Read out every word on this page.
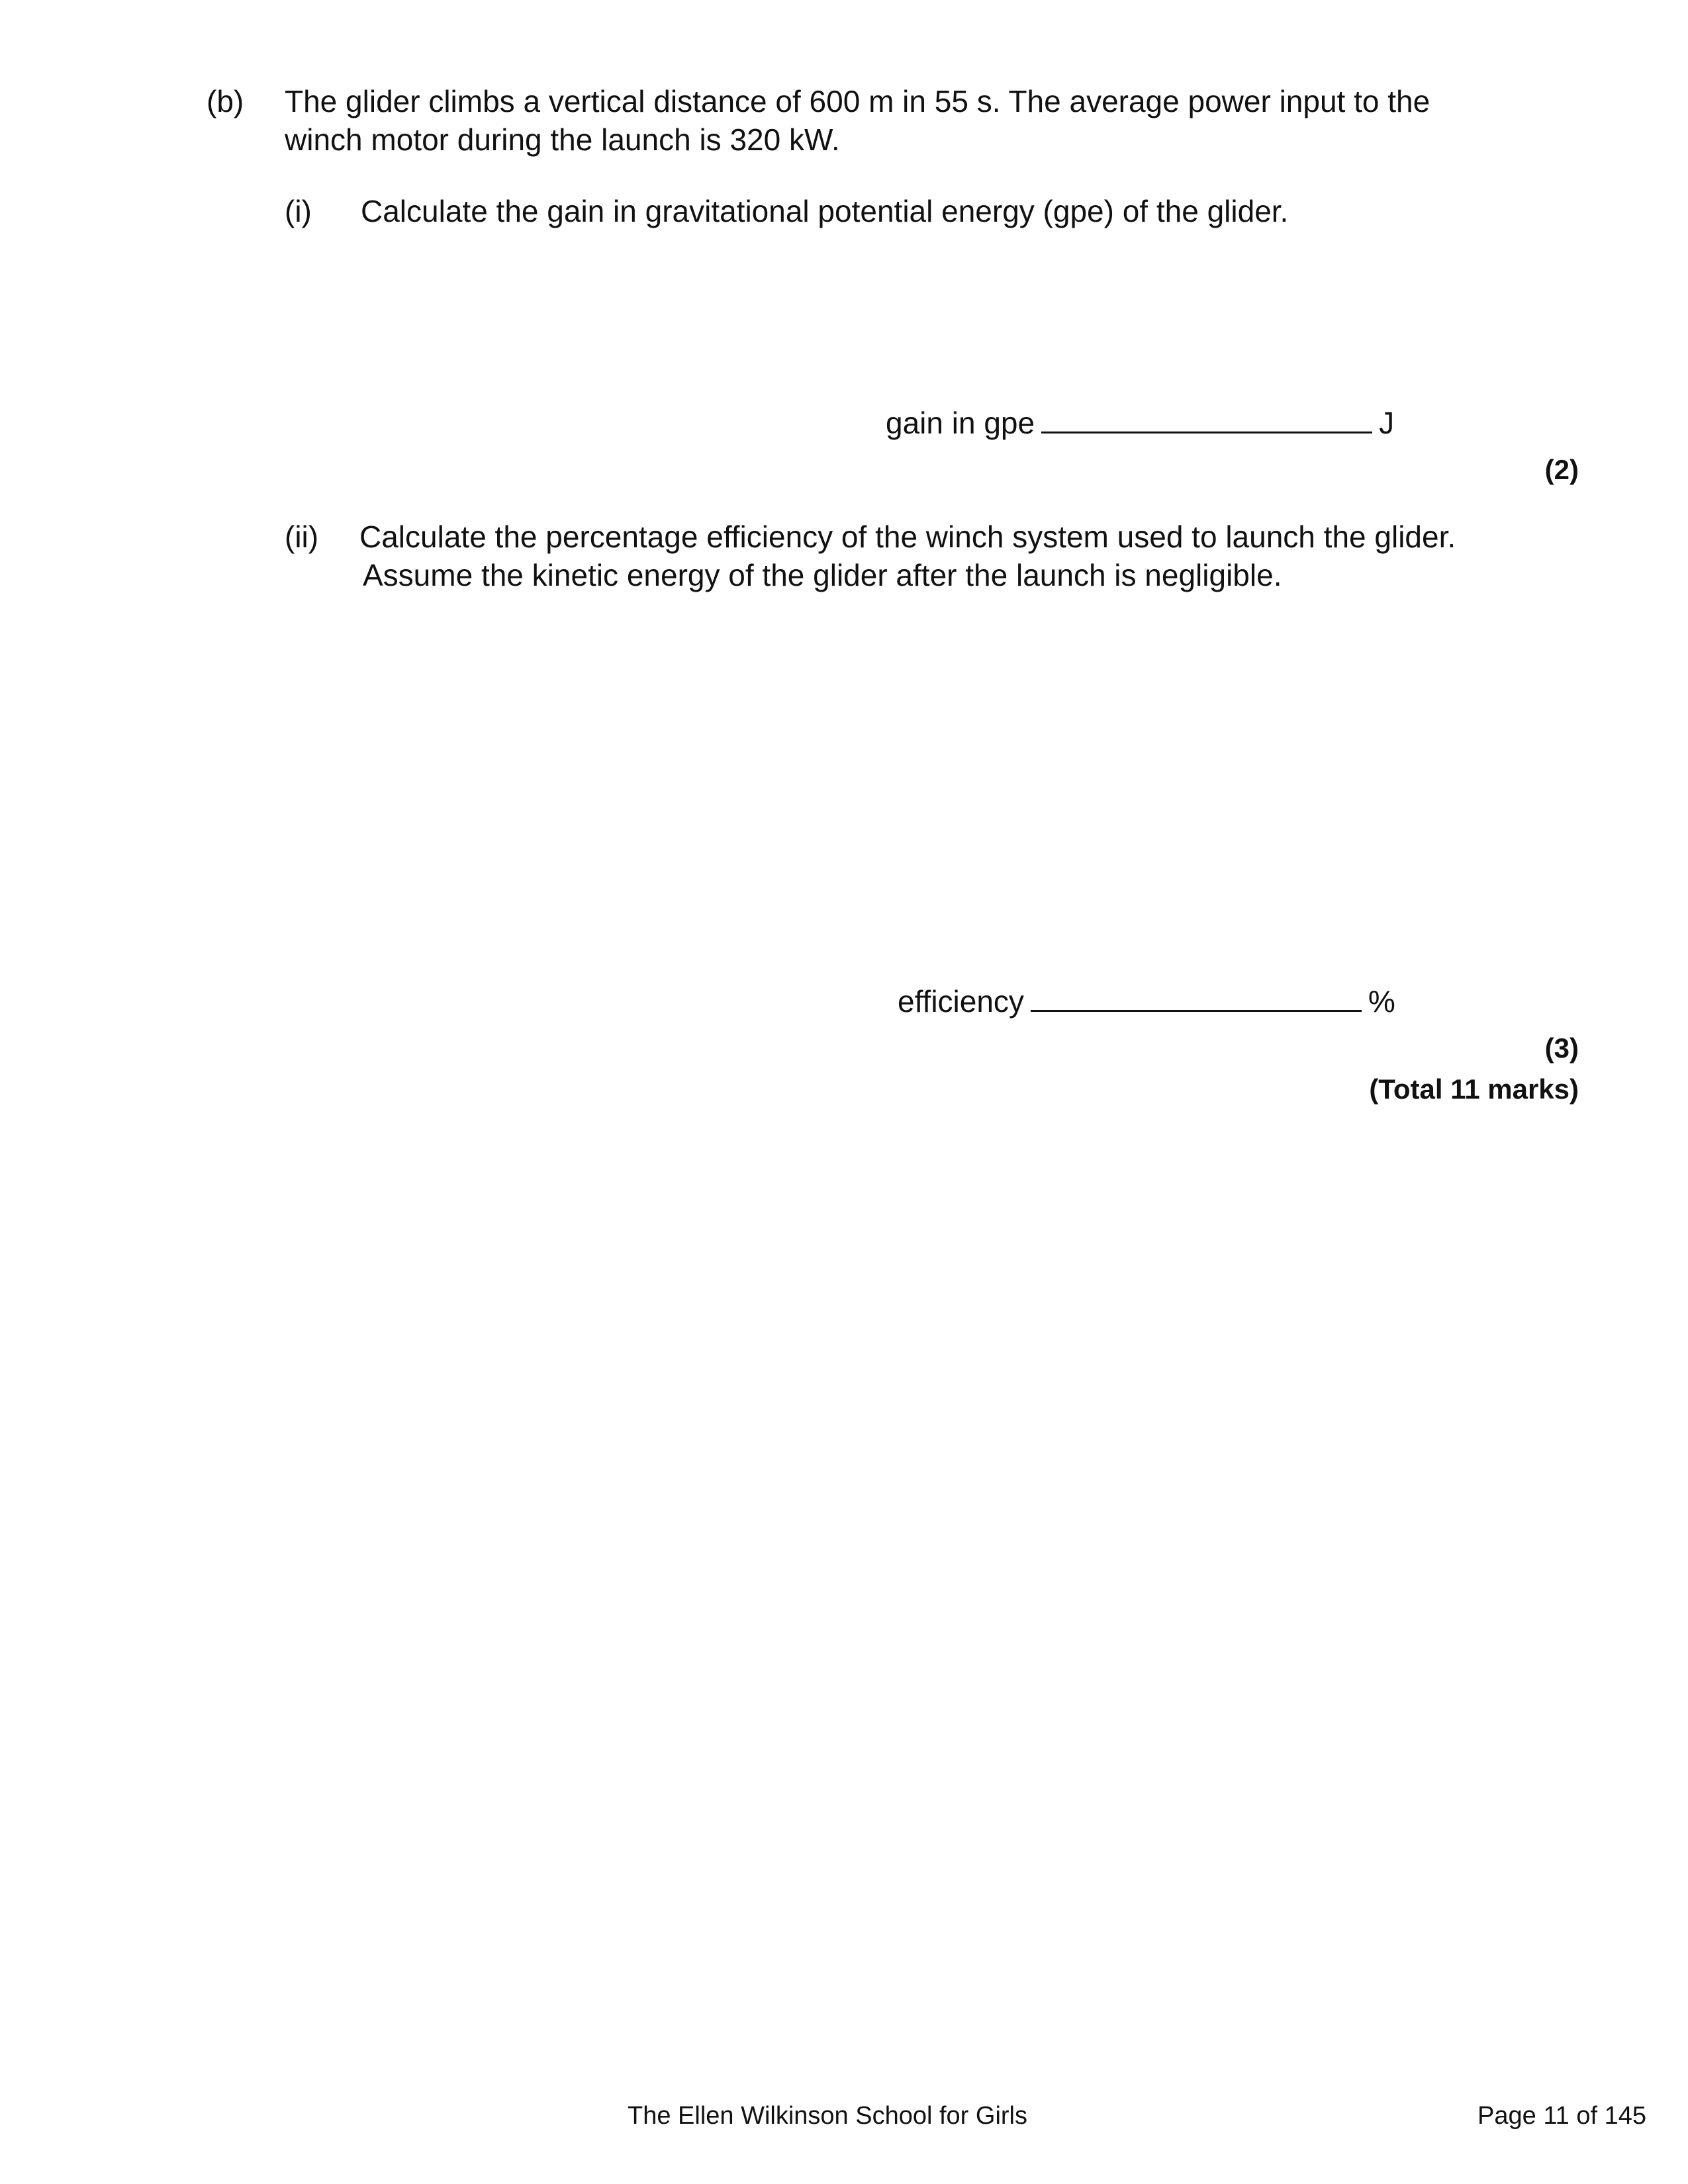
(b) The glider climbs a vertical distance of 600 m in 55 s. The average power input to the
winch motor during the launch is 320 kW.
(i) Calculate the gain in gravitational potential energy (gpe) of the glider.
gain in gpe	J
(2)
(ii) Calculate the percentage efficiency of the winch system used to launch the glider.
Assume the kinetic energy of the glider after the launch is negligible.
efficiency	%
(3)
(Total 11 marks)
The Ellen Wilkinson School for Girls	Page 11 of 145
